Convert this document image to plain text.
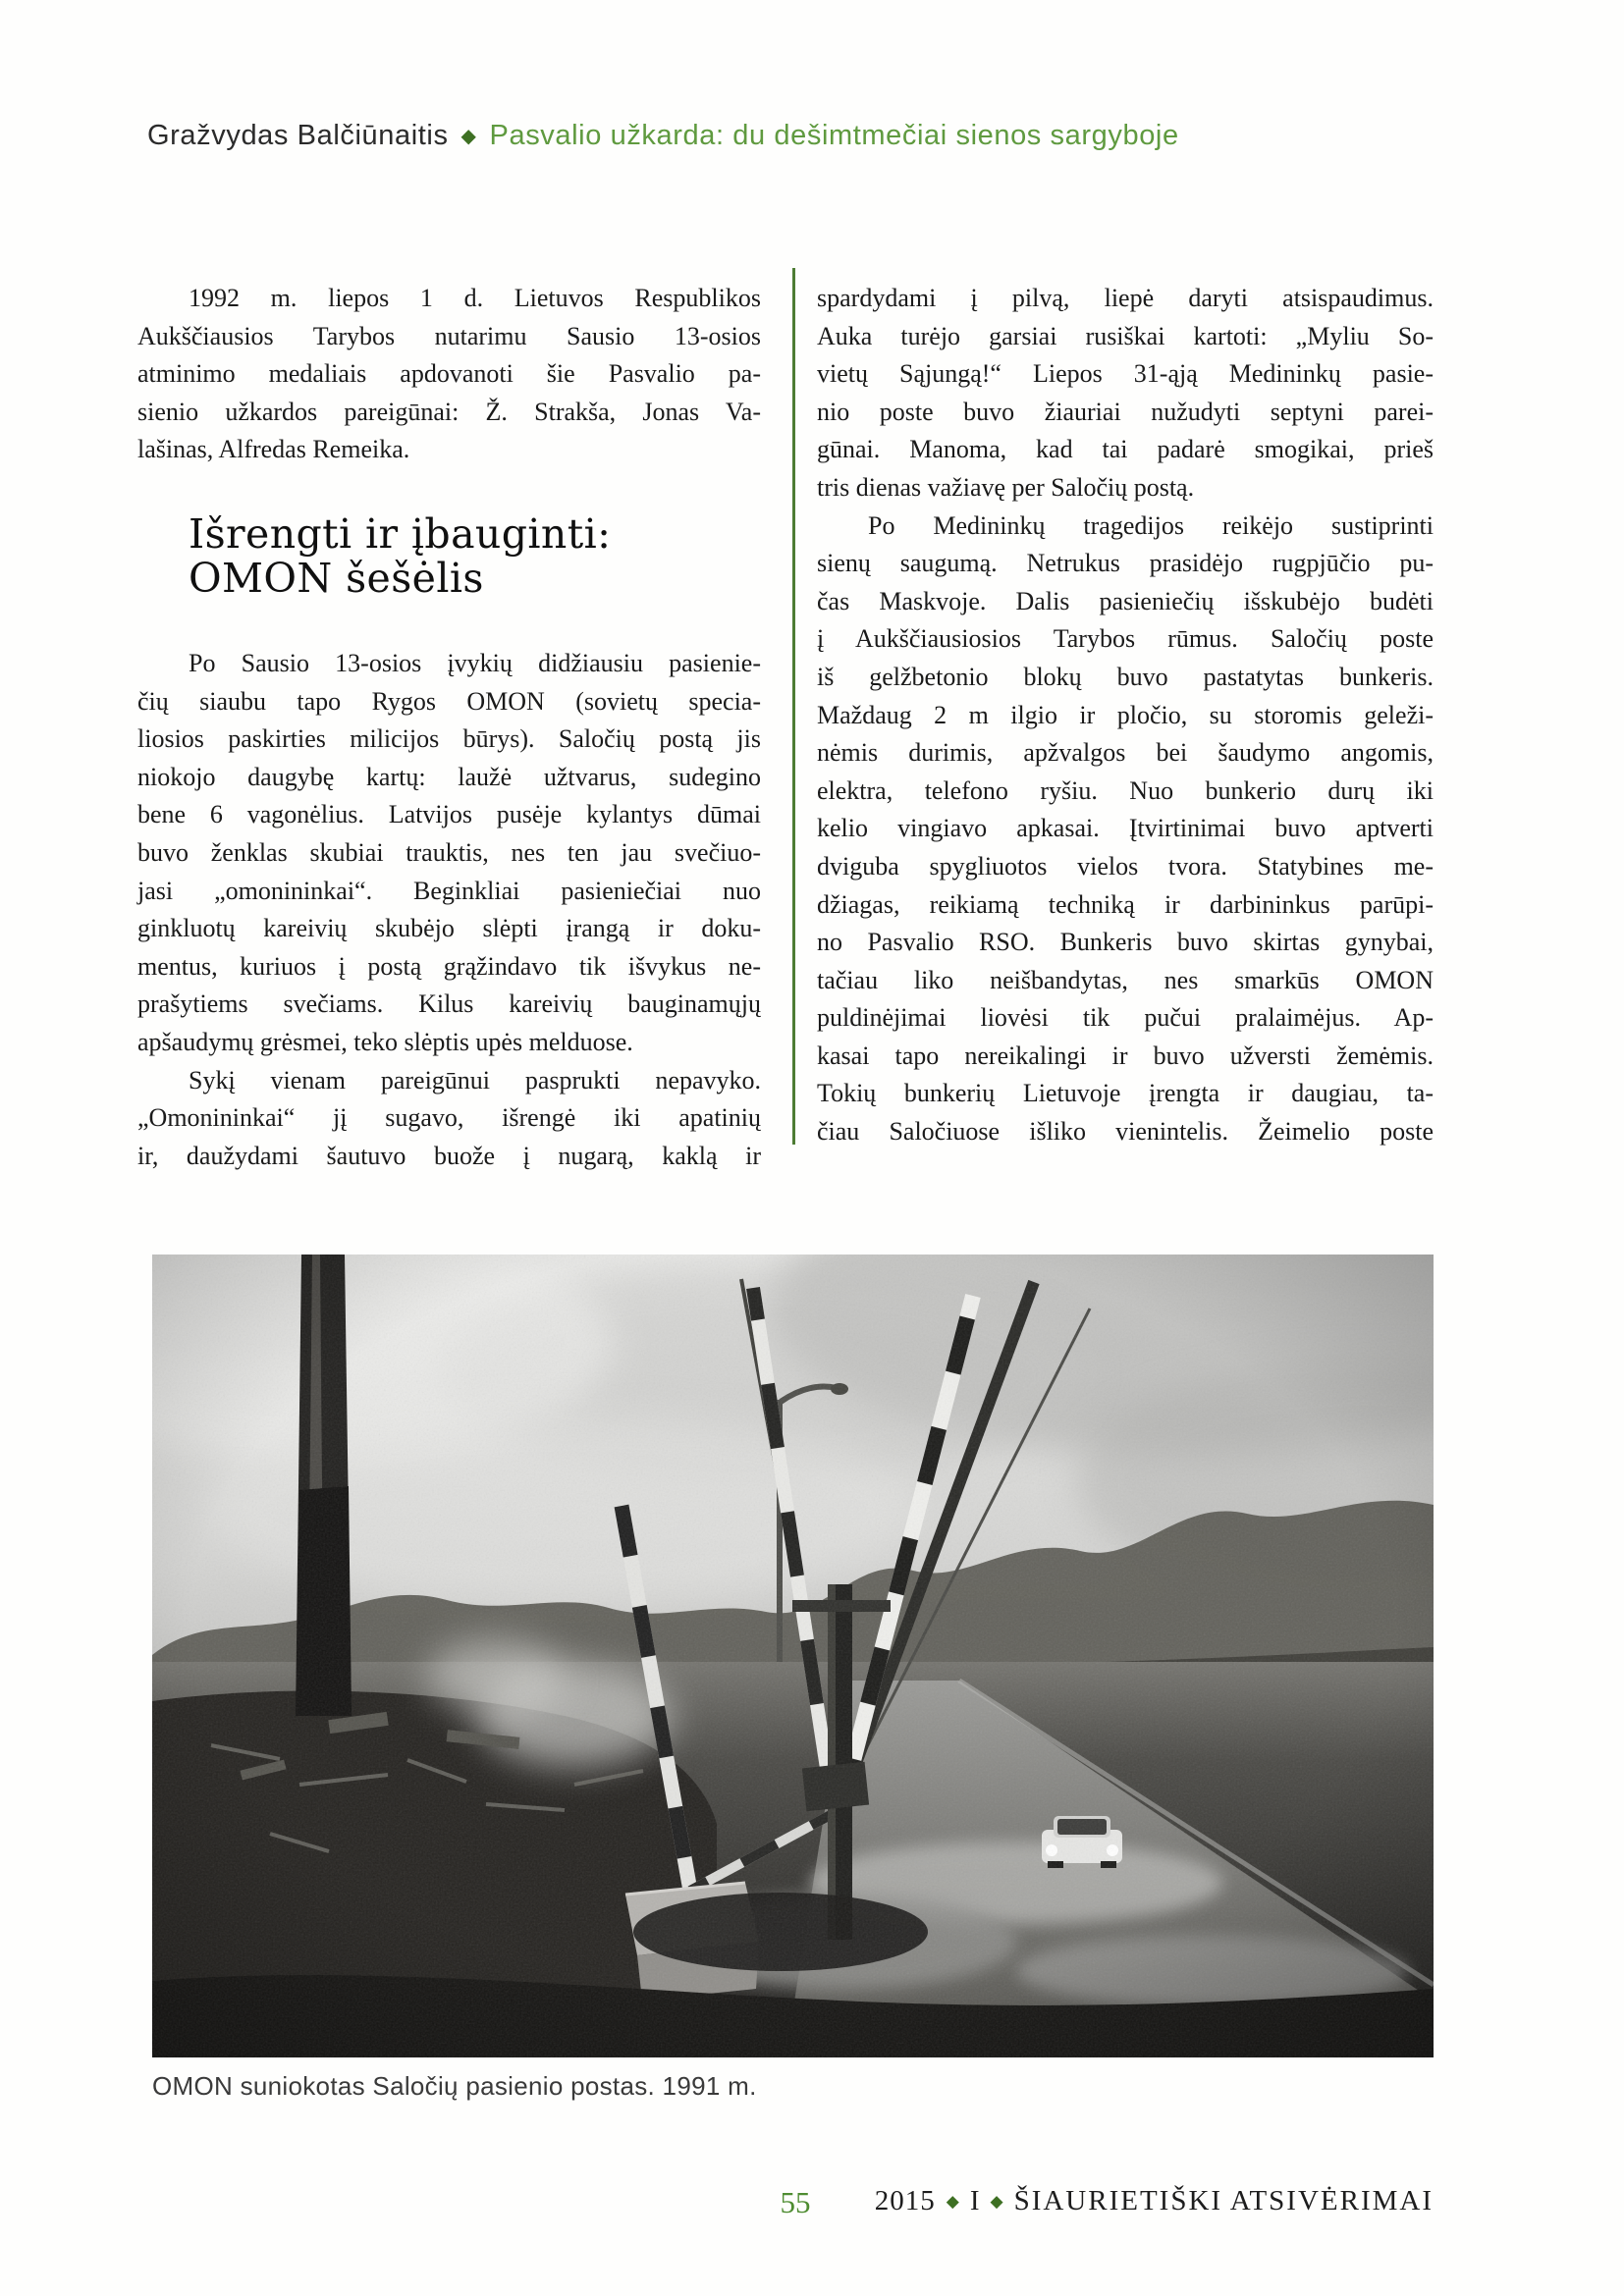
Gražvydas Balčiūnaitis ◆ Pasvalio užkarda: du dešimtmečiai sienos sargyboje
1992 m. liepos 1 d. Lietuvos Respublikos
Aukščiausios Tarybos nutarimu Sausio 13-osios
atminimo medaliais apdovanoti šie Pasvalio pa-
sienio užkardos pareigūnai: Ž. Strakša, Jonas Va-
lašinas, Alfredas Remeika.
Išrengti ir įbauginti:
OMON šešėlis
Po Sausio 13-osios įvykių didžiausiu pasienie-
čių siaubu tapo Rygos OMON (sovietų specia-
liosios paskirties milicijos būrys). Saločių postą jis
niokojo daugybę kartų: laužė užtvarus, sudegino
bene 6 vagonėlius. Latvijos pusėje kylantys dūmai
buvo ženklas skubiai trauktis, nes ten jau svečiuo-
jasi „omonininkai“. Beginkliai pasieniečiai nuo
ginkluotų kareivių skubėjo slėpti įrangą ir doku-
mentus, kuriuos į postą grąžindavo tik išvykus ne-
prašytiems svečiams. Kilus kareivių bauginamųjų
apšaudymų grėsmei, teko slėptis upės melduose.
Sykį vienam pareigūnui pasprukti nepavyko.
„Omonininkai“ jį sugavo, išrengė iki apatinių
ir, daužydami šautuvo buože į nugarą, kaklą ir
spardydami į pilvą, liepė daryti atsispaudimus.
Auka turėjo garsiai rusiškai kartoti: „Myliu So-
vietų Sąjungą!“ Liepos 31-ąją Medininkų pasie-
nio poste buvo žiauriai nužudyti septyni parei-
gūnai. Manoma, kad tai padarė smogikai, prieš
tris dienas važiavę per Saločių postą.
Po Medininkų tragedijos reikėjo sustiprinti
sienų saugumą. Netrukus prasidėjo rugpjūčio pu-
čas Maskvoje. Dalis pasieniečių išskubėjo budėti
į Aukščiausiosios Tarybos rūmus. Saločių poste
iš gelžbetonio blokų buvo pastatytas bunkeris.
Maždaug 2 m ilgio ir pločio, su storomis geleži-
nėmis durimis, apžvalgos bei šaudymo angomis,
elektra, telefono ryšiu. Nuo bunkerio durų iki
kelio vingiavo apkasai. Įtvirtinimai buvo aptverti
dviguba spygliuotos vielos tvora. Statybines me-
džiagas, reikiamą techniką ir darbininkus parūpi-
no Pasvalio RSO. Bunkeris buvo skirtas gynybai,
tačiau liko neišbandytas, nes smarkūs OMON
puldinėjimai liovėsi tik pučui pralaimėjus. Ap-
kasai tapo nereikalingi ir buvo užversti žemėmis.
Tokių bunkerių Lietuvoje įrengta ir daugiau, ta-
čiau Saločiuose išliko vienintelis. Žeimelio poste
OMON suniokotas Saločių pasienio postas. 1991 m.
55	2015 ◆ I ◆ ŠIAURIETIŠKI ATSIVĖRIMAI
